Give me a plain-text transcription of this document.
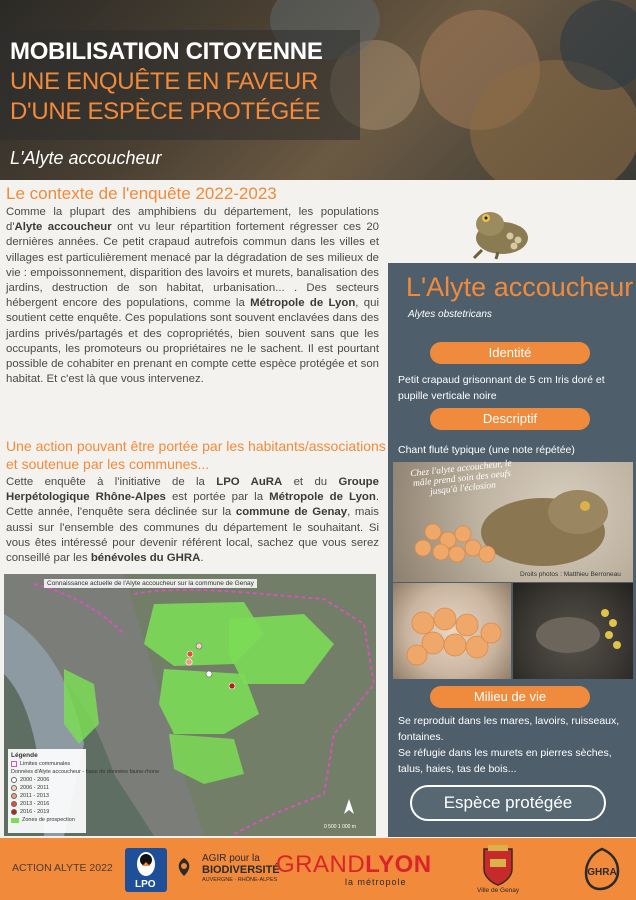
MOBILISATION CITOYENNE
UNE ENQUÊTE EN FAVEUR
D'UNE ESPÈCE PROTÉGÉE
L'Alyte accoucheur
Le contexte de l'enquête 2022-2023
Comme la plupart des amphibiens du département, les populations d'Alyte accoucheur ont vu leur répartition fortement régresser ces 20 dernières années. Ce petit crapaud autrefois commun dans les villes et villages est particulièrement menacé par la dégradation de ses milieux de vie : empoissonnement, disparition des lavoirs et murets, banalisation des jardins, destruction de son habitat, urbanisation... . Des secteurs hébergent encore des populations, comme la Métropole de Lyon, qui soutient cette enquête. Ces populations sont souvent enclavées dans des jardins privés/partagés et des copropriétés, bien souvent sans que les occupants, les promoteurs ou propriétaires ne le sachent. Il est pourtant possible de cohabiter en prenant en compte cette espèce protégée et son habitat. Et c'est là que vous intervenez.
Une action pouvant être portée par les habitants/associations et soutenue par les communes...
Cette enquête à l'initiative de la LPO AuRA et du Groupe Herpétologique Rhône-Alpes est portée par la Métropole de Lyon. Cette année, l'enquête sera déclinée sur la commune de Genay, mais aussi sur l'ensemble des communes du département le souhaitant. Si vous êtes intéressé pour devenir référent local, sachez que vous serez conseillé par les bénévoles du GHRA.
Connaissance actuelle de l'Alyte accoucheur sur la commune de Genay
Légende
Limites communales
Données d'Alyte accoucheur - base de données faune-rhone
2000 - 2006
2006 - 2011
2011 - 2013
2013 - 2016
2016 - 2019
Zones de prospection
0 500 1 000 m
L'Alyte accoucheur
Alytes obstetricans
Identité
Petit crapaud grisonnant de 5 cm Iris doré et pupille verticale noire
Descriptif
Chant fluté typique (une note répétée)
Chez l'alyte accoucheur, le mâle prend soin des oeufs jusqu'à l'éclosion
Droits photos : Matthieu Berroneau
Milieu de vie
Se reproduit dans les mares, lavoirs, ruisseaux, fontaines.
Se réfugie dans les murets en pierres sèches, talus, haies, tas de bois...
Espèce protégée
ACTION ALYTE 2022
LPO
AGIR pour la
BIODIVERSITÉ
AUVERGNE · RHÔNE-ALPES
GRANDLYON
la métropole
Ville de Genay
GHRA
